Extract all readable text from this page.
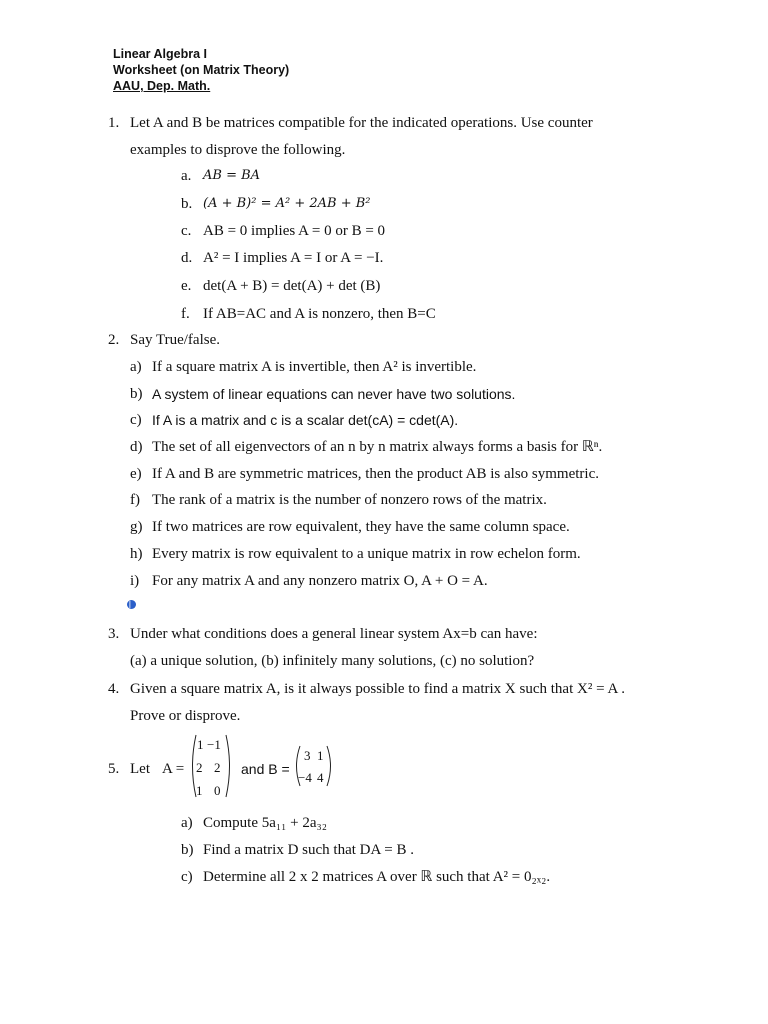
Linear Algebra I
Worksheet (on Matrix Theory)
AAU, Dep. Math.
1. Let A and B be matrices compatible for the indicated operations. Use counter
examples to disprove the following.
a. AB = BA
b. (A + B)² = A² + 2AB + B²
c. AB = 0 implies A = 0 or B = 0
d. A² = I implies A = I or A = −I.
e. det(A + B) = det(A) + det (B)
f. If AB=AC and A is nonzero, then B=C
2. Say True/false.
a) If a square matrix A is invertible, then A² is invertible.
b) A system of linear equations can never have two solutions.
c) If A is a matrix and c is a scalar det(cA) = cdet(A).
d) The set of all eigenvectors of an n by n matrix always forms a basis for ℝⁿ.
e) If A and B are symmetric matrices, then the product AB is also symmetric.
f) The rank of a matrix is the number of nonzero rows of the matrix.
g) If two matrices are row equivalent, they have the same column space.
h) Every matrix is row equivalent to a unique matrix in row echelon form.
i) For any matrix A and any nonzero matrix O, A + O = A.
3. Under what conditions does a general linear system Ax=b can have:
(a) a unique solution, (b) infinitely many solutions, (c) no solution?
4. Given a square matrix A, is it always possible to find a matrix X such that X² = A .
Prove or disprove.
5. Let A =
1 −1
2 2
1 0
and B =
3 1
−4 4
a) Compute 5a₁₁ + 2a₃₂
b) Find a matrix D such that DA = B .
c) Determine all 2 x 2 matrices A over ℝ such that A² = 0₂ₓ₂.
